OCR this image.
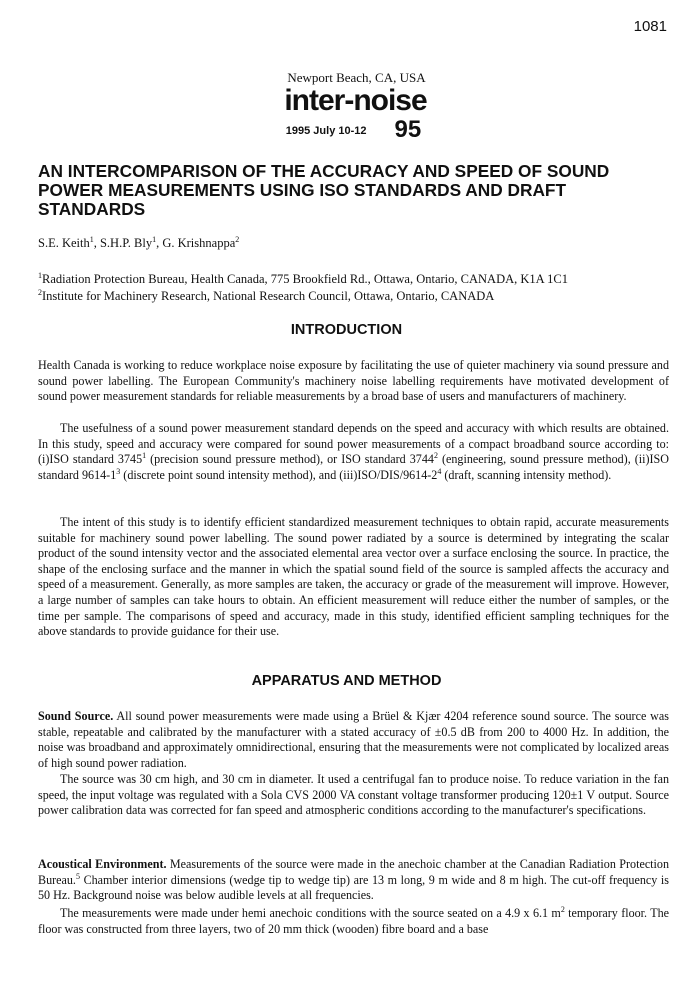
1081
Newport Beach, CA, USA
inter-noise
1995 July 10-12 95
AN INTERCOMPARISON OF THE ACCURACY AND SPEED OF SOUND POWER MEASUREMENTS USING ISO STANDARDS AND DRAFT STANDARDS
S.E. Keith$^1$, S.H.P. Bly$^1$, G. Krishnappa$^2$
$^1$Radiation Protection Bureau, Health Canada, 775 Brookfield Rd., Ottawa, Ontario, CANADA, K1A 1C1
$^2$Institute for Machinery Research, National Research Council, Ottawa, Ontario, CANADA
INTRODUCTION

Health Canada is working to reduce workplace noise exposure by facilitating the use of quieter machinery via sound pressure and sound power labelling. The European Community's machinery noise labelling requirements have motivated development of sound power measurement standards for reliable measurements by a broad base of users and manufacturers of machinery.

The usefulness of a sound power measurement standard depends on the speed and accuracy with which results are obtained. In this study, speed and accuracy were compared for sound power measurements of a compact broadband source according to: (i)ISO standard 3745$^1$ (precision sound pressure method), or ISO standard 3744$^2$ (engineering, sound pressure method), (ii)ISO standard $9614-1^3$ (discrete point sound intensity method), and $(iii)ISO/DIS/9614-2^4$ (draft, scanning intensity method).

The intent of this study is to identify efficient standardized measurement techniques to obtain rapid, accurate measurements suitable for machinery sound power labelling. The sound power radiated by a source is determined by integrating the scalar product of the sound intensity vector and the associated elemental area vector over a surface enclosing the source. In practice, the shape of the enclosing surface and the manner in which the spatial sound field of the source is sampled affects the accuracy and speed of a measurement. Generally, as more samples are taken, the accuracy or grade of the measurement will improve. However, a large number of samples can take hours to obtain. An efficient measurement will reduce either the number of samples, or the time per sample. The comparisons of speed and accuracy, made in this study, identified efficient sampling techniques for the above standards to provide guidance for their use.

APPARATUS AND METHOD

Sound Source. All sound power measurements were made using a Brüel & Kjær 4204 reference sound source. The source was stable, repeatable and calibrated by the manufacturer with a stated accuracy of ±0.5 dB from 200 to 4000 Hz. In addition, the noise was broadband and approximately omnidirectional, ensuring that the measurements were not complicated by localized areas of high sound power radiation.

The source was 30 cm high, and 30 cm in diameter. It used a centrifugal fan to produce noise. To reduce variation in the fan speed, the input voltage was regulated with a Sola CVS 2000 VA constant voltage transformer producing 120±1 V output. Source power calibration data was corrected for fan speed and atmospheric conditions according to the manufacturer's specifications.

Acoustical Environment. Measurements of the source were made in the anechoic chamber at the Canadian Radiation Protection Bureau.$^5$ Chamber interior dimensions (wedge tip to wedge tip) are 13 m long, 9 m wide and 8 m high. The cut-off frequency is 50 Hz. Background noise was below audible levels at all frequencies.

The measurements were made under hemi anechoic conditions with the source seated on a 4.9 x 6.1 $m^2$ temporary floor. The floor was constructed from three layers, two of 20 mm thick (wooden) fibre board and a base
